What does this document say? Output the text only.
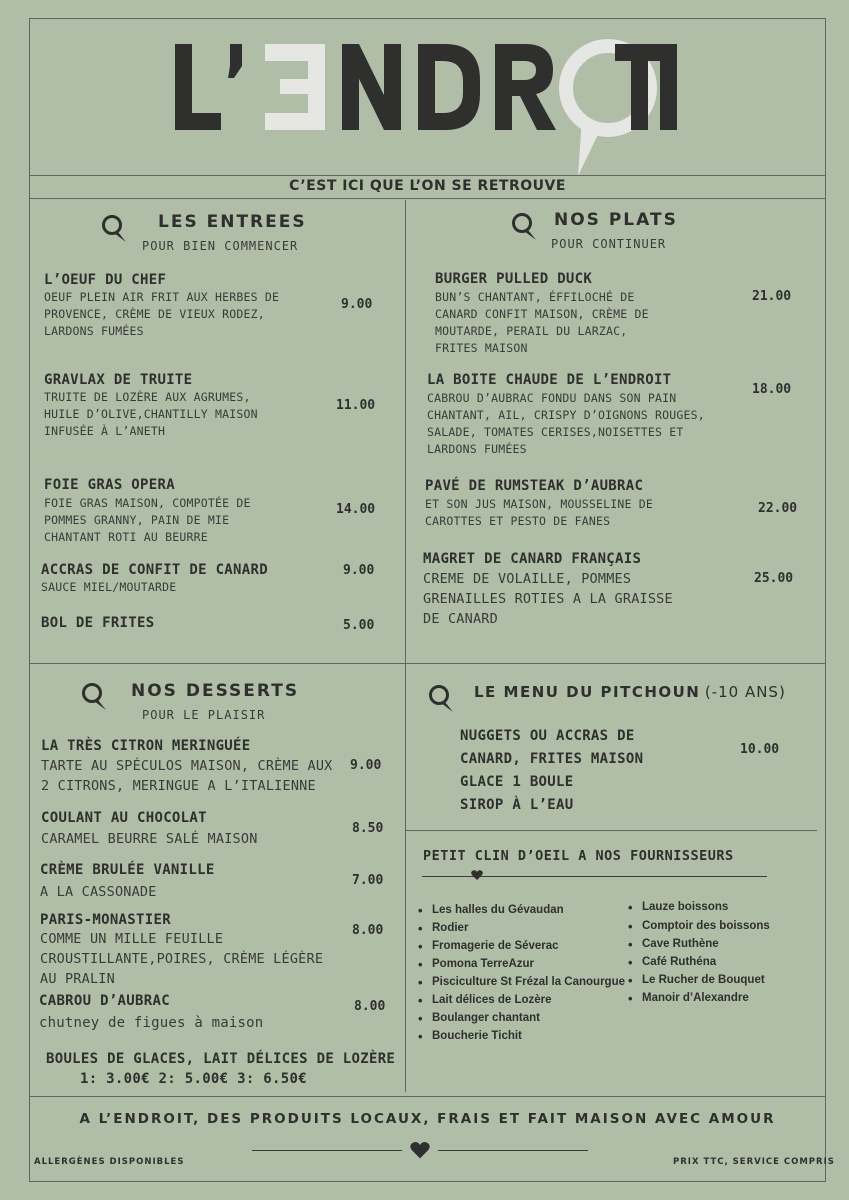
C’EST ICI QUE L’ON SE RETROUVE
LES ENTREES
POUR BIEN COMMENCER
L’OEUF DU CHEF
OEUF PLEIN AIR FRIT AUX HERBES DE
PROVENCE, CRÈME DE VIEUX RODEZ,
LARDONS FUMÉES
9.00
GRAVLAX DE TRUITE
TRUITE DE LOZÈRE AUX AGRUMES,
HUILE D’OLIVE,CHANTILLY MAISON
INFUSÉE À L’ANETH
11.00
FOIE GRAS OPERA
FOIE GRAS MAISON, COMPOTÉE DE
POMMES GRANNY, PAIN DE MIE
CHANTANT ROTI AU BEURRE
14.00
ACCRAS DE CONFIT DE CANARD
SAUCE MIEL/MOUTARDE
9.00
BOL DE FRITES	5.00
NOS PLATS
POUR CONTINUER
BURGER PULLED DUCK
BUN’S CHANTANT, ÉFFILOCHÉ DE
CANARD CONFIT MAISON, CRÈME DE
MOUTARDE, PERAIL DU LARZAC,
FRITES MAISON
21.00
LA BOITE CHAUDE DE L’ENDROIT
CABROU D’AUBRAC FONDU DANS SON PAIN
CHANTANT, AIL, CRISPY D’OIGNONS ROUGES,
SALADE, TOMATES CERISES,NOISETTES ET
LARDONS FUMÉES
18.00
PAVÉ DE RUMSTEAK D’AUBRAC
ET SON JUS MAISON, MOUSSELINE DE
CAROTTES ET PESTO DE FANES
22.00
MAGRET DE CANARD FRANÇAIS
CREME DE VOLAILLE, POMMES
GRENAILLES ROTIES A LA GRAISSE
DE CANARD
25.00
NOS DESSERTS
POUR LE PLAISIR
LA TRÈS CITRON MERINGUÉE
TARTE AU SPÉCULOS MAISON, CRÈME AUX
2 CITRONS, MERINGUE A L’ITALIENNE
9.00
COULANT AU CHOCOLAT
CARAMEL BEURRE SALÉ MAISON
8.50
CRÈME BRULÉE VANILLE
A LA CASSONADE
7.00
PARIS-MONASTIER
COMME UN MILLE FEUILLE
CROUSTILLANTE,POIRES, CRÈME LÉGÈRE
AU PRALIN
8.00
CABROU D’AUBRAC
chutney de figues à maison
8.00
BOULES DE GLACES, LAIT DÉLICES DE LOZÈRE
1: 3.00€ 2: 5.00€ 3: 6.50€
LE MENU DU PITCHOUN (-10 ANS)
NUGGETS OU ACCRAS DE
CANARD, FRITES MAISON
GLACE 1 BOULE
SIROP À L’EAU
10.00
PETIT CLIN D’OEIL A NOS FOURNISSEURS
• Les halles du Gévaudan
• Rodier
• Fromagerie de Séverac
• Pomona TerreAzur
• Pisciculture St Frézal la Canourgue
• Lait délices de Lozère
• Boulanger chantant
• Boucherie Tichit
• Lauze boissons
• Comptoir des boissons
• Cave Ruthène
• Café Ruthéna
• Le Rucher de Bouquet
• Manoir d’Alexandre
A L’ENDROIT, DES PRODUITS LOCAUX, FRAIS ET FAIT MAISON AVEC AMOUR
ALLERGÈNES DISPONIBLES	PRIX TTC, SERVICE COMPRIS
